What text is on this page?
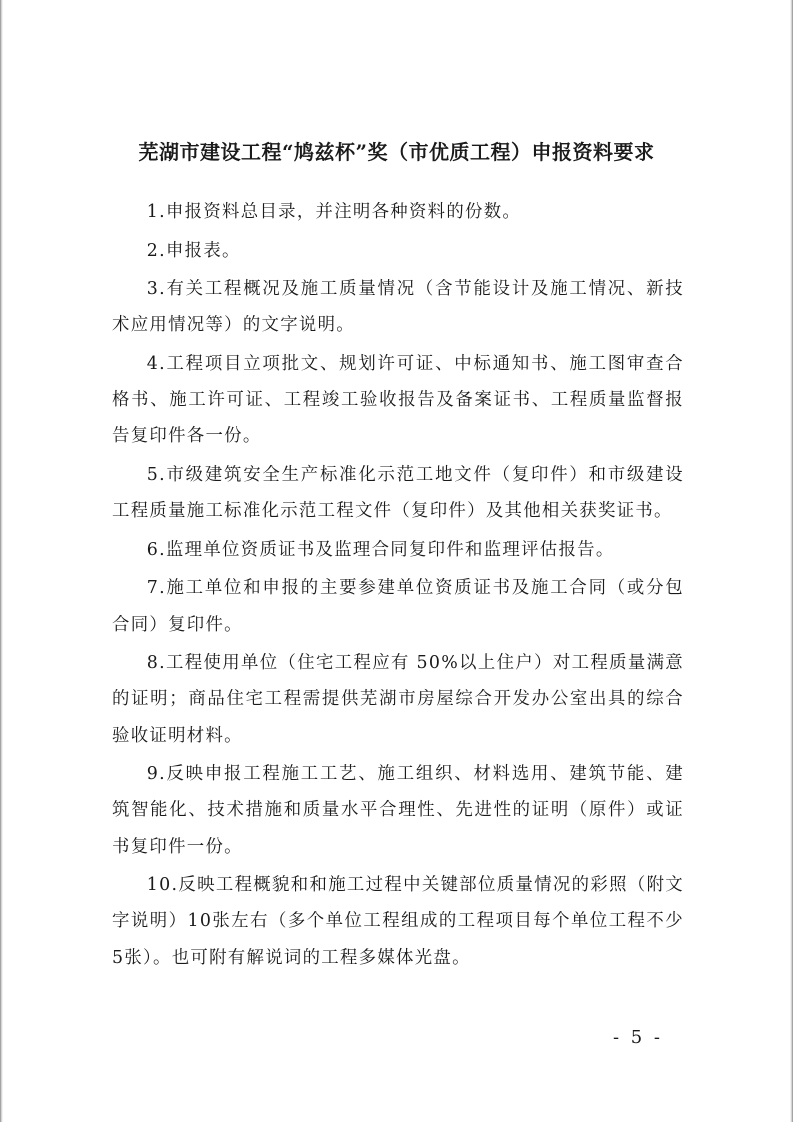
芜湖市建设工程“鸠兹杯”奖（市优质工程）申报资料要求

1.申报资料总目录，并注明各种资料的份数。

2.申报表。

3.有关工程概况及施工质量情况（含节能设计及施工情况、新技术应用情况等）的文字说明。

4.工程项目立项批文、规划许可证、中标通知书、施工图审查合格书、施工许可证、工程竣工验收报告及备案证书、工程质量监督报告复印件各一份。

5.市级建筑安全生产标准化示范工地文件（复印件）和市级建设工程质量施工标准化示范工程文件（复印件）及其他相关获奖证书。

6.监理单位资质证书及监理合同复印件和监理评估报告。

7.施工单位和申报的主要参建单位资质证书及施工合同（或分包合同）复印件。

8.工程使用单位（住宅工程应有 50%以上住户）对工程质量满意的证明；商品住宅工程需提供芜湖市房屋综合开发办公室出具的综合验收证明材料。

9.反映申报工程施工工艺、施工组织、材料选用、建筑节能、建筑智能化、技术措施和质量水平合理性、先进性的证明（原件）或证书复印件一份。

10.反映工程概貌和和施工过程中关键部位质量情况的彩照（附文字说明）10张左右（多个单位工程组成的工程项目每个单位工程不少 5张）。也可附有解说词的工程多媒体光盘。

- 5 -
